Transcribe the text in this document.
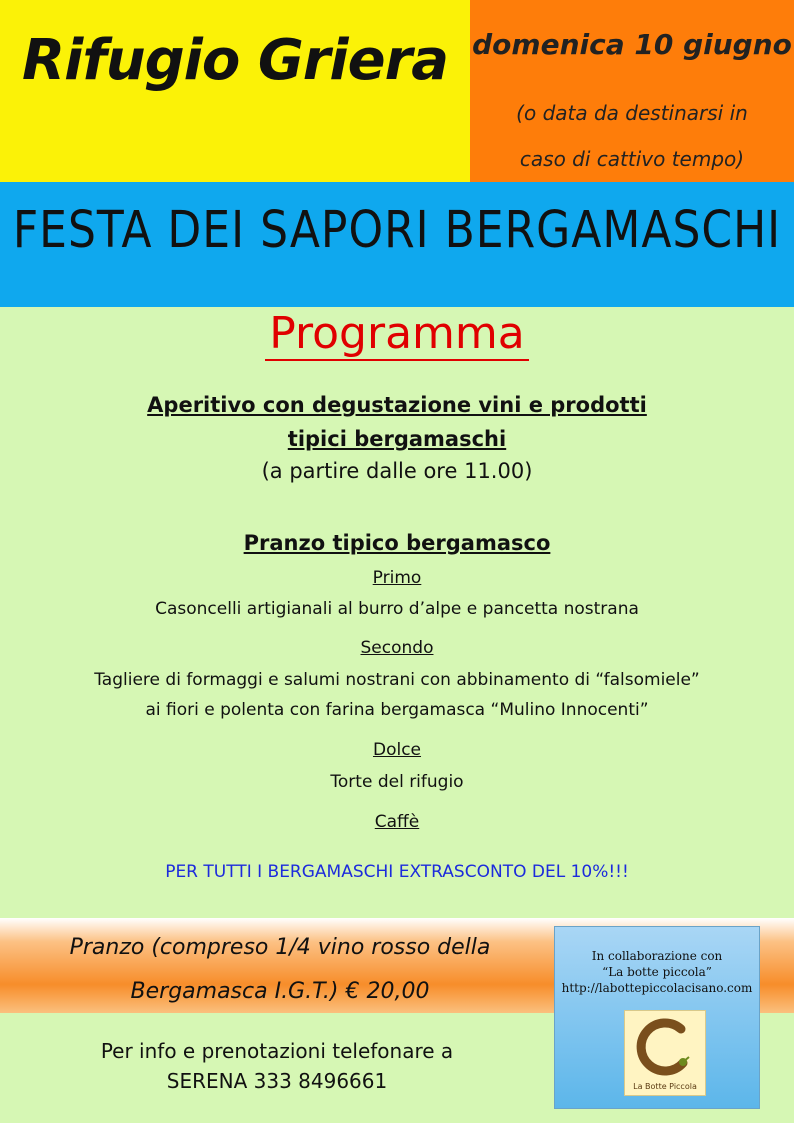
Rifugio Griera domenica 10 giugno
(o data da destinarsi in
caso di cattivo tempo)
FESTA DEI SAPORI BERGAMASCHI
Programma
Aperitivo con degustazione vini e prodotti
tipici bergamaschi
(a partire dalle ore 11.00)
Pranzo tipico bergamasco
Primo
Casoncelli artigianali al burro d’alpe e pancetta nostrana
Secondo
Tagliere di formaggi e salumi nostrani con abbinamento di “falsomiele”
ai fiori e polenta con farina bergamasca “Mulino Innocenti”
Dolce
Torte del rifugio
Caffè
PER TUTTI I BERGAMASCHI EXTRASCONTO DEL 10%!!!
Pranzo (compreso 1/4 vino rosso della
Bergamasca I.G.T.) € 20,00
Per info e prenotazioni telefonare a
SERENA 333 8496661
In collaborazione con
“La botte piccola”
http://labottepiccolacisano.com
La Botte Piccola
